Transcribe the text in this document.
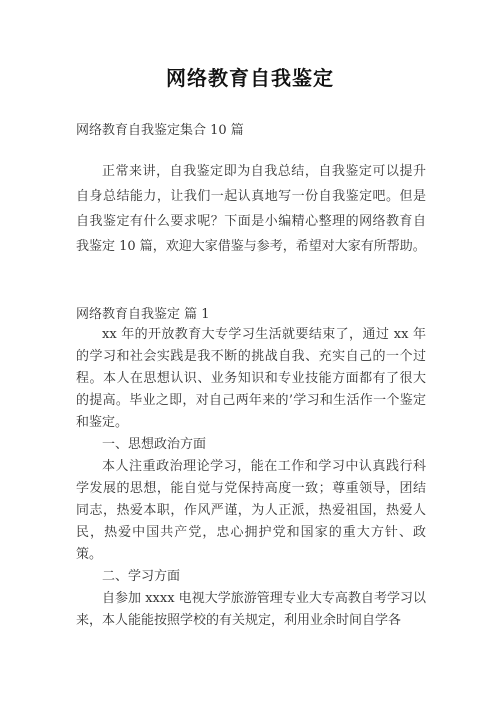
网络教育自我鉴定
网络教育自我鉴定集合 10 篇

正常来讲，自我鉴定即为自我总结，自我鉴定可以提升自身总结能力，让我们一起认真地写一份自我鉴定吧。但是自我鉴定有什么要求呢？下面是小编精心整理的网络教育自我鉴定 10 篇，欢迎大家借鉴与参考，希望对大家有所帮助。

网络教育自我鉴定 篇 1

xx 年的开放教育大专学习生活就要结束了，通过 xx 年的学习和社会实践是我不断的挑战自我、充实自己的一个过程。本人在思想认识、业务知识和专业技能方面都有了很大的提高。毕业之即，对自己两年来的’学习和生活作一个鉴定和鉴定。

一、思想政治方面

本人注重政治理论学习，能在工作和学习中认真践行科学发展的思想，能自觉与党保持高度一致；尊重领导，团结同志，热爱本职，作风严谨，为人正派，热爱祖国，热爱人民，热爱中国共产党，忠心拥护党和国家的重大方针、政策。

二、学习方面

自参加 xxxx 电视大学旅游管理专业大专高教自考学习以来，本人能能按照学校的有关规定，利用业余时间自学各
